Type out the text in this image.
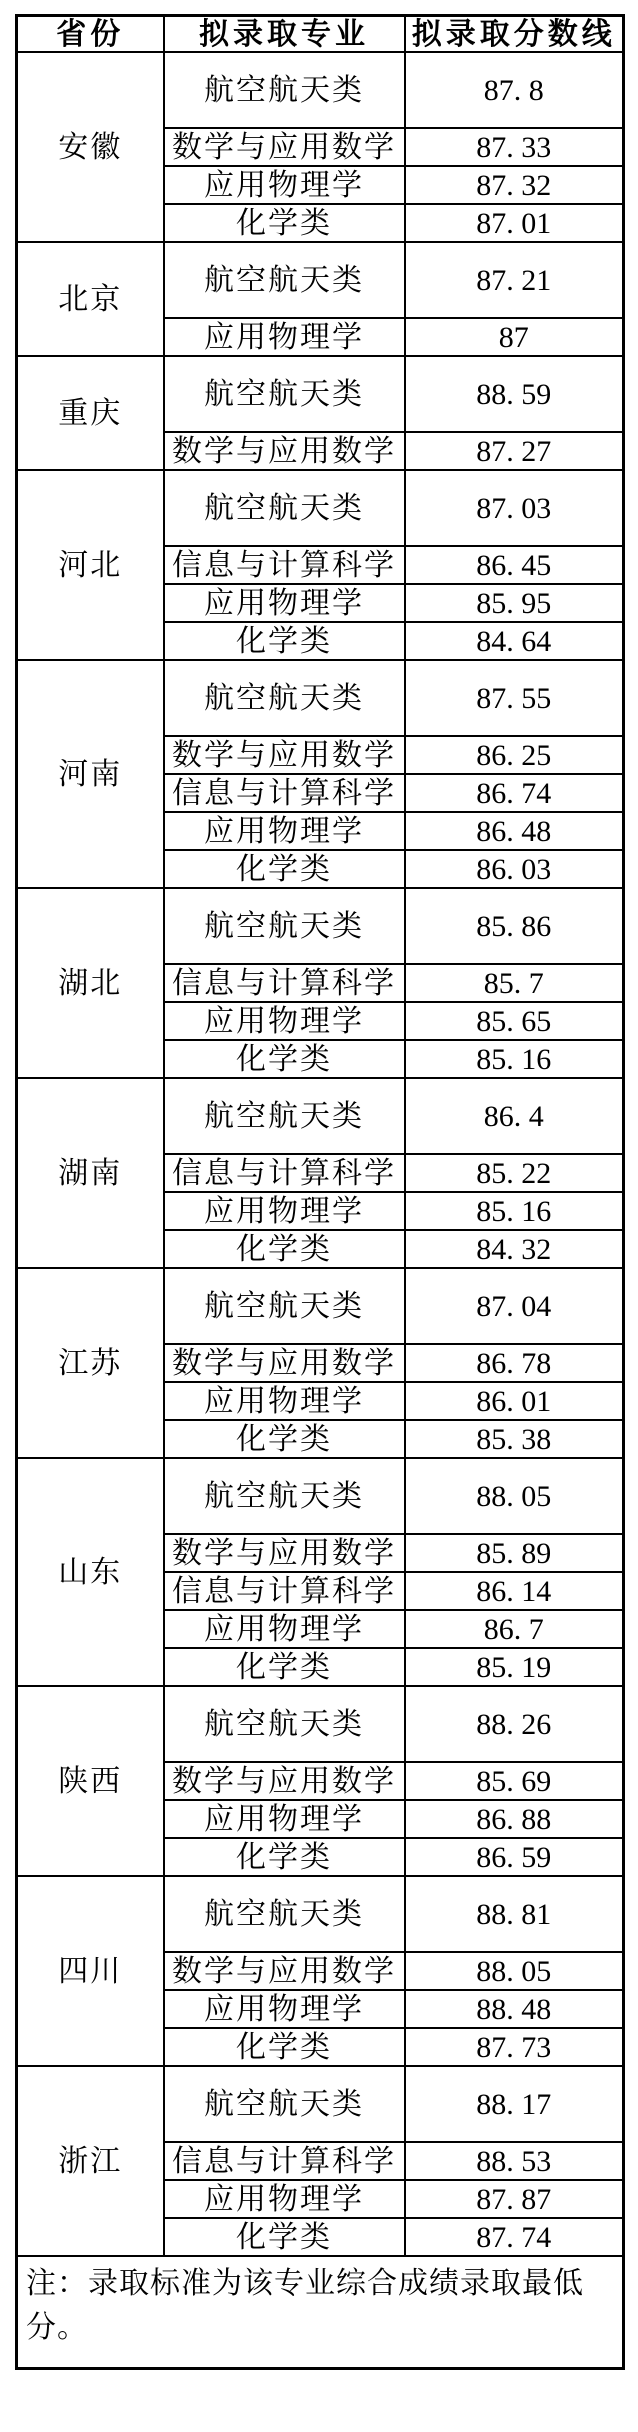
省份	拟录取专业	拟录取分数线
安徽	航空航天类	87. 8
	数学与应用数学	87. 33
	应用物理学	87. 32
	化学类	87. 01
北京	航空航天类	87. 21
	应用物理学	87
重庆	航空航天类	88. 59
	数学与应用数学	87. 27
河北	航空航天类	87. 03
	信息与计算科学	86. 45
	应用物理学	85. 95
	化学类	84. 64
河南	航空航天类	87. 55
	数学与应用数学	86. 25
	信息与计算科学	86. 74
	应用物理学	86. 48
	化学类	86. 03
湖北	航空航天类	85. 86
	信息与计算科学	85. 7
	应用物理学	85. 65
	化学类	85. 16
湖南	航空航天类	86. 4
	信息与计算科学	85. 22
	应用物理学	85. 16
	化学类	84. 32
江苏	航空航天类	87. 04
	数学与应用数学	86. 78
	应用物理学	86. 01
	化学类	85. 38
山东	航空航天类	88. 05
	数学与应用数学	85. 89
	信息与计算科学	86. 14
	应用物理学	86. 7
	化学类	85. 19
陕西	航空航天类	88. 26
	数学与应用数学	85. 69
	应用物理学	86. 88
	化学类	86. 59
四川	航空航天类	88. 81
	数学与应用数学	88. 05
	应用物理学	88. 48
	化学类	87. 73
浙江	航空航天类	88. 17
	信息与计算科学	88. 53
	应用物理学	87. 87
	化学类	87. 74
注：录取标准为该专业综合成绩录取最低分。		
